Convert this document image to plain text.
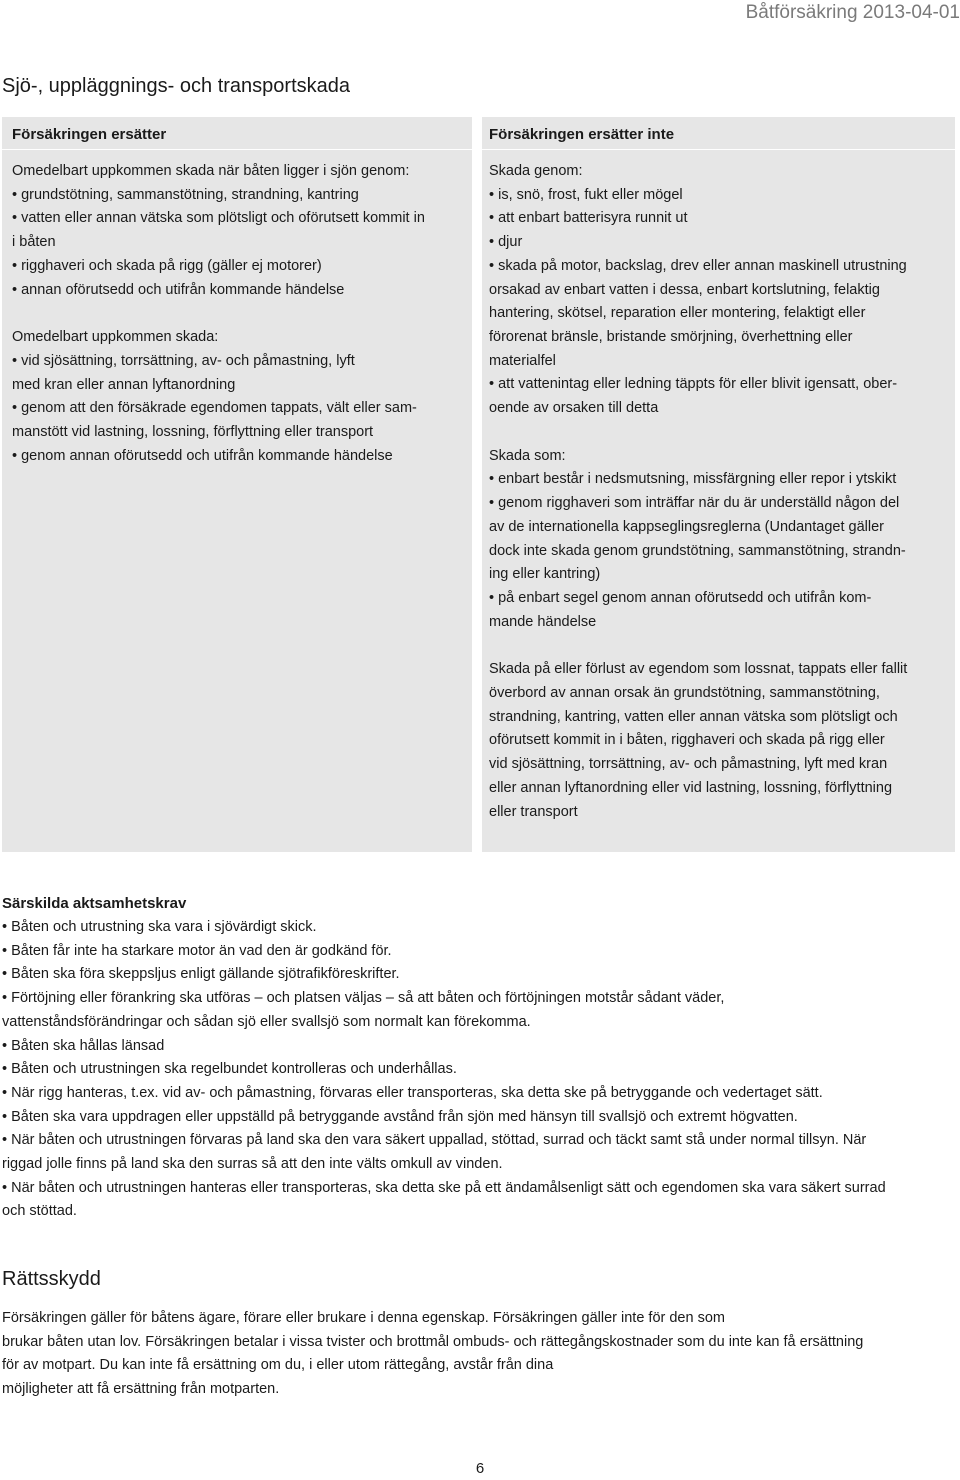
Båtförsäkring 2013-04-01
Sjö-, uppläggnings- och transportskada
Försäkringen ersätter

Omedelbart uppkommen skada när båten ligger i sjön genom:
• grundstötning, sammanstötning, strandning, kantring
• vatten eller annan vätska som plötsligt och oförutsett kommit in
i båten
• rigghaveri och skada på rigg (gäller ej motorer)
• annan oförutsedd och utifrån kommande händelse

Omedelbart uppkommen skada:
• vid sjösättning, torrsättning, av- och påmastning, lyft
med kran eller annan lyftanordning
• genom att den försäkrade egendomen tappats, vält eller sam-
manstött vid lastning, lossning, förflyttning eller transport
• genom annan oförutsedd och utifrån kommande händelse

Försäkringen ersätter inte

Skada genom:
• is, snö, frost, fukt eller mögel
• att enbart batterisyra runnit ut
• djur
• skada på motor, backslag, drev eller annan maskinell utrustning
orsakad av enbart vatten i dessa, enbart kortslutning, felaktig
hantering, skötsel, reparation eller montering, felaktigt eller
förorenat bränsle, bristande smörjning, överhettning eller
materialfel
• att vattenintag eller ledning täppts för eller blivit igensatt, ober-
oende av orsaken till detta

Skada som:
• enbart består i nedsmutsning, missfärgning eller repor i ytskikt
• genom rigghaveri som inträffar när du är underställd någon del
av de internationella kappseglingsreglerna (Undantaget gäller
dock inte skada genom grundstötning, sammanstötning, strandn-
ing eller kantring)
• på enbart segel genom annan oförutsedd och utifrån kom-
mande händelse

Skada på eller förlust av egendom som lossnat, tappats eller fallit
överbord av annan orsak än grundstötning, sammanstötning,
strandning, kantring, vatten eller annan vätska som plötsligt och
oförutsett kommit in i båten, rigghaveri och skada på rigg eller
vid sjösättning, torrsättning, av- och påmastning, lyft med kran
eller annan lyftanordning eller vid lastning, lossning, förflyttning
eller transport

Särskilda aktsamhetskrav

• Båten och utrustning ska vara i sjövärdigt skick.
• Båten får inte ha starkare motor än vad den är godkänd för.
• Båten ska föra skeppsljus enligt gällande sjötrafikföreskrifter.
• Förtöjning eller förankring ska utföras – och platsen väljas – så att båten och förtöjningen motstår sådant väder,
vattenståndsförändringar och sådan sjö eller svallsjö som normalt kan förekomma.
• Båten ska hållas länsad
• Båten och utrustningen ska regelbundet kontrolleras och underhållas.
• När rigg hanteras, t.ex. vid av- och påmastning, förvaras eller transporteras, ska detta ske på betryggande och vedertaget sätt.
• Båten ska vara uppdragen eller uppställd på betryggande avstånd från sjön med hänsyn till svallsjö och extremt högvatten.
• När båten och utrustningen förvaras på land ska den vara säkert uppallad, stöttad, surrad och täckt samt stå under normal tillsyn. När
riggad jolle finns på land ska den surras så att den inte välts omkull av vinden.
• När båten och utrustningen hanteras eller transporteras, ska detta ske på ett ändamålsenligt sätt och egendomen ska vara säkert surrad
och stöttad.

Rättsskydd

Försäkringen gäller för båtens ägare, förare eller brukare i denna egenskap. Försäkringen gäller inte för den som
brukar båten utan lov. Försäkringen betalar i vissa tvister och brottmål ombuds- och rättegångskostnader som du inte kan få ersättning
för av motpart. Du kan inte få ersättning om du, i eller utom rättegång, avstår från dina
möjligheter att få ersättning från motparten.

6
